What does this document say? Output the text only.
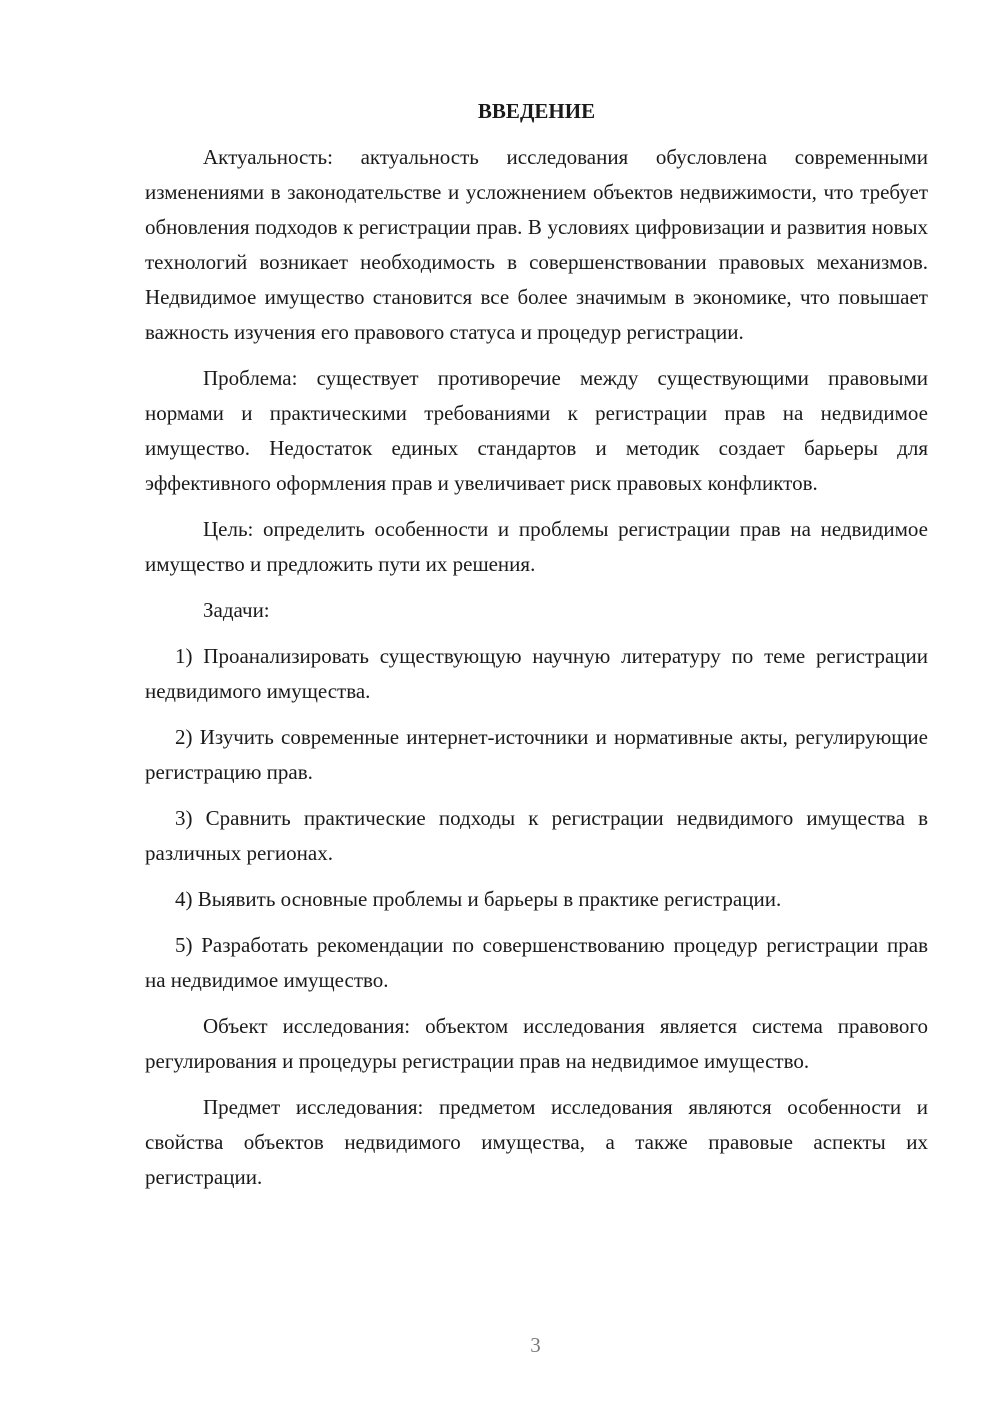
ВВЕДЕНИЕ

Актуальность: актуальность исследования обусловлена современными изменениями в законодательстве и усложнением объектов недвижимости, что требует обновления подходов к регистрации прав. В условиях цифровизации и развития новых технологий возникает необходимость в совершенствовании правовых механизмов. Недвидимое имущество становится все более значимым в экономике, что повышает важность изучения его правового статуса и процедур регистрации.

Проблема: существует противоречие между существующими правовыми нормами и практическими требованиями к регистрации прав на недвидимое имущество. Недостаток единых стандартов и методик создает барьеры для эффективного оформления прав и увеличивает риск правовых конфликтов.

Цель: определить особенности и проблемы регистрации прав на недвидимое имущество и предложить пути их решения.

Задачи:

1) Проанализировать существующую научную литературу по теме регистрации недвидимого имущества.

2) Изучить современные интернет-источники и нормативные акты, регулирующие регистрацию прав.

3) Сравнить практические подходы к регистрации недвидимого имущества в различных регионах.

4) Выявить основные проблемы и барьеры в практике регистрации.

5) Разработать рекомендации по совершенствованию процедур регистрации прав на недвидимое имущество.

Объект исследования: объектом исследования является система правового регулирования и процедуры регистрации прав на недвидимое имущество.

Предмет исследования: предметом исследования являются особенности и свойства объектов недвидимого имущества, а также правовые аспекты их регистрации.

3
